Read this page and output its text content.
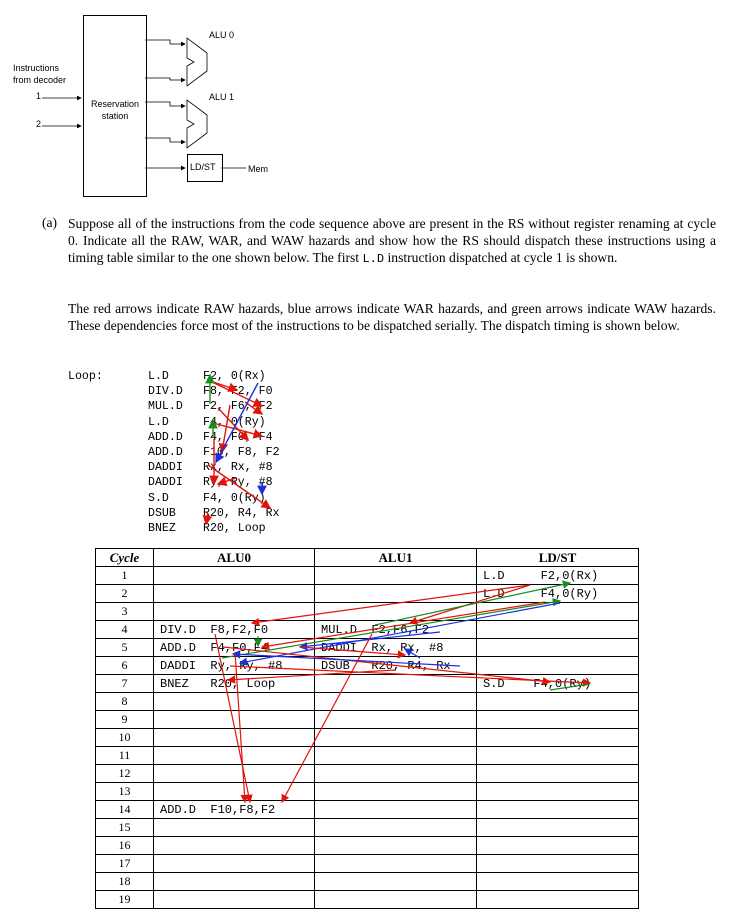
Instructions
from decoder
1
2
Reservation
station
ALU 0
ALU 1
LD/ST	Mem
(a) Suppose all of the instructions from the code sequence above are present in the RS without register renaming at cycle 0. Indicate all the RAW, WAR, and WAW hazards and show how the RS should dispatch these instructions using a timing table similar to the one shown below. The first L.D instruction dispatched at cycle 1 is shown.
The red arrows indicate RAW hazards, blue arrows indicate WAR hazards, and green arrows indicate WAW hazards. These dependencies force most of the instructions to be dispatched serially. The dispatch timing is shown below.
Loop:	L.D	F2, 0(Rx)
DIV.D F8, F2, F0
MUL.D F2, F6, F2
L.D	F4, 0(Ry)
ADD.D F4, F0, F4
ADD.D F10, F8, F2
DADDI Rx, Rx, #8
DADDI Ry, Ry, #8
S.D	F4, 0(Ry)
DSUB R20, R4, Rx
BNEZ R20, Loop
Cycle	ALU0	ALU1	LD/ST
1			L.D     F2,0(Rx)
2			L.D     F4,0(Ry)
3			
4	DIV.D  F8,F2,F0	MUL.D  F2,F6,F2	
5	ADD.D  F4,F0,F4	DADDI  Rx, Rx, #8	
6	DADDI  Ry, Ry, #8	DSUB   R20, R4, Rx	
7	BNEZ   R20, Loop		S.D    F4,0(Ry)
8			
9			
10			
11			
12			
13			
14	ADD.D  F10,F8,F2		
15			
16			
17			
18			
19			
